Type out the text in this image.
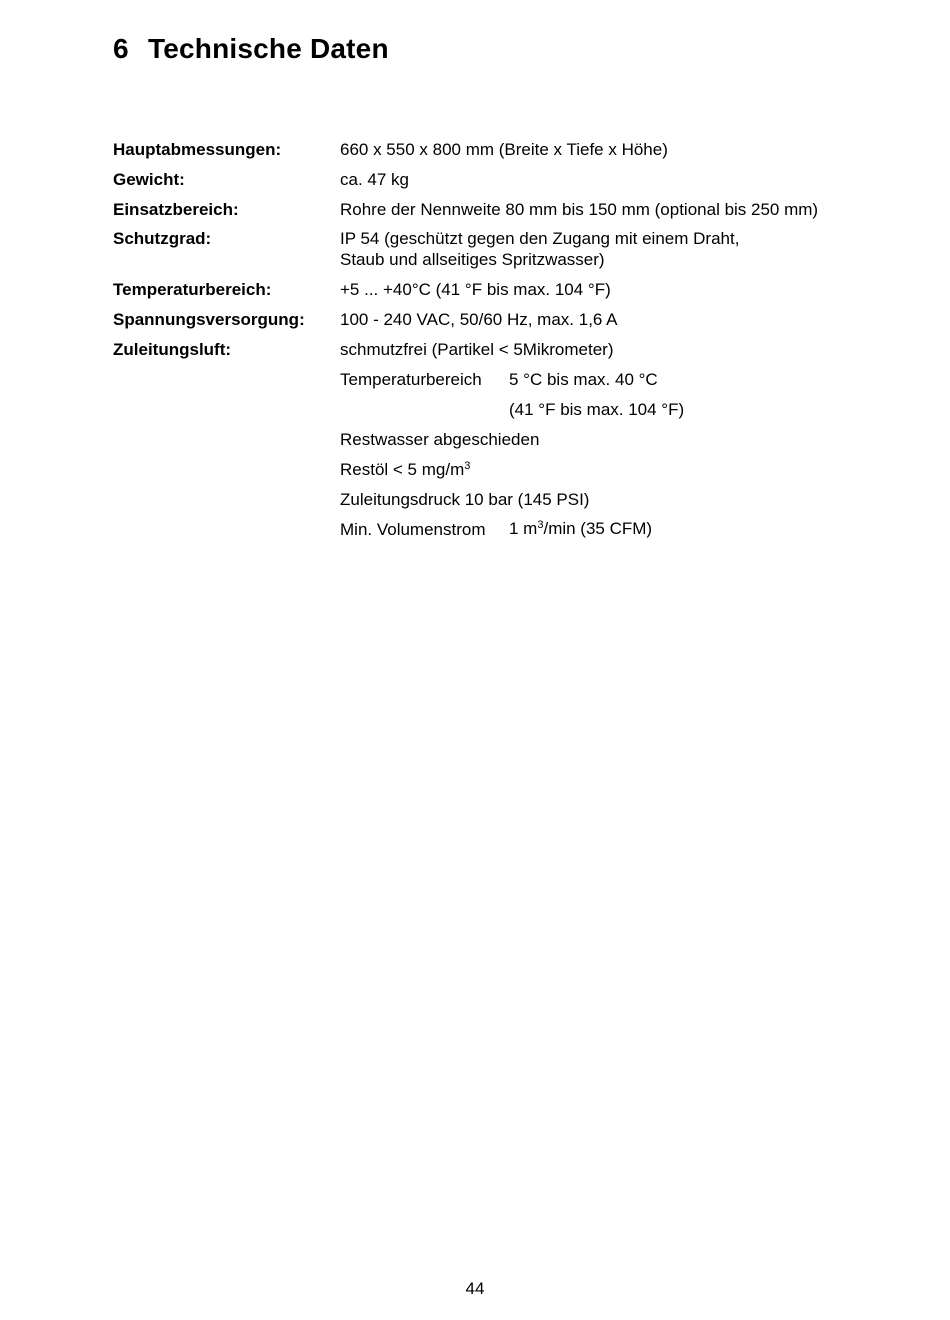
6 Technische Daten
Hauptabmessungen:	660 x 550 x 800 mm (Breite x Tiefe x Höhe)
Gewicht:	ca. 47 kg
Einsatzbereich:	Rohre der Nennweite 80 mm bis 150 mm (optional bis 250 mm)
Schutzgrad:	IP 54 (geschützt gegen den Zugang mit einem Draht,
Staub und allseitiges Spritzwasser)
Temperaturbereich:	+5 ... +40°C (41 °F bis max. 104 °F)
Spannungsversorgung: 100 - 240 VAC, 50/60 Hz, max. 1,6 A
Zuleitungsluft:	schmutzfrei (Partikel < 5Mikrometer)
Temperaturbereich 5 °C bis max. 40 °C
(41 °F bis max. 104 °F)
Restwasser abgeschieden
Restöl < 5 $mg/m^3$
Zuleitungsdruck 10 bar (145 PSI)
Min. Volumenstrom 1 $m^3/\min$ (35 CFM)
44
